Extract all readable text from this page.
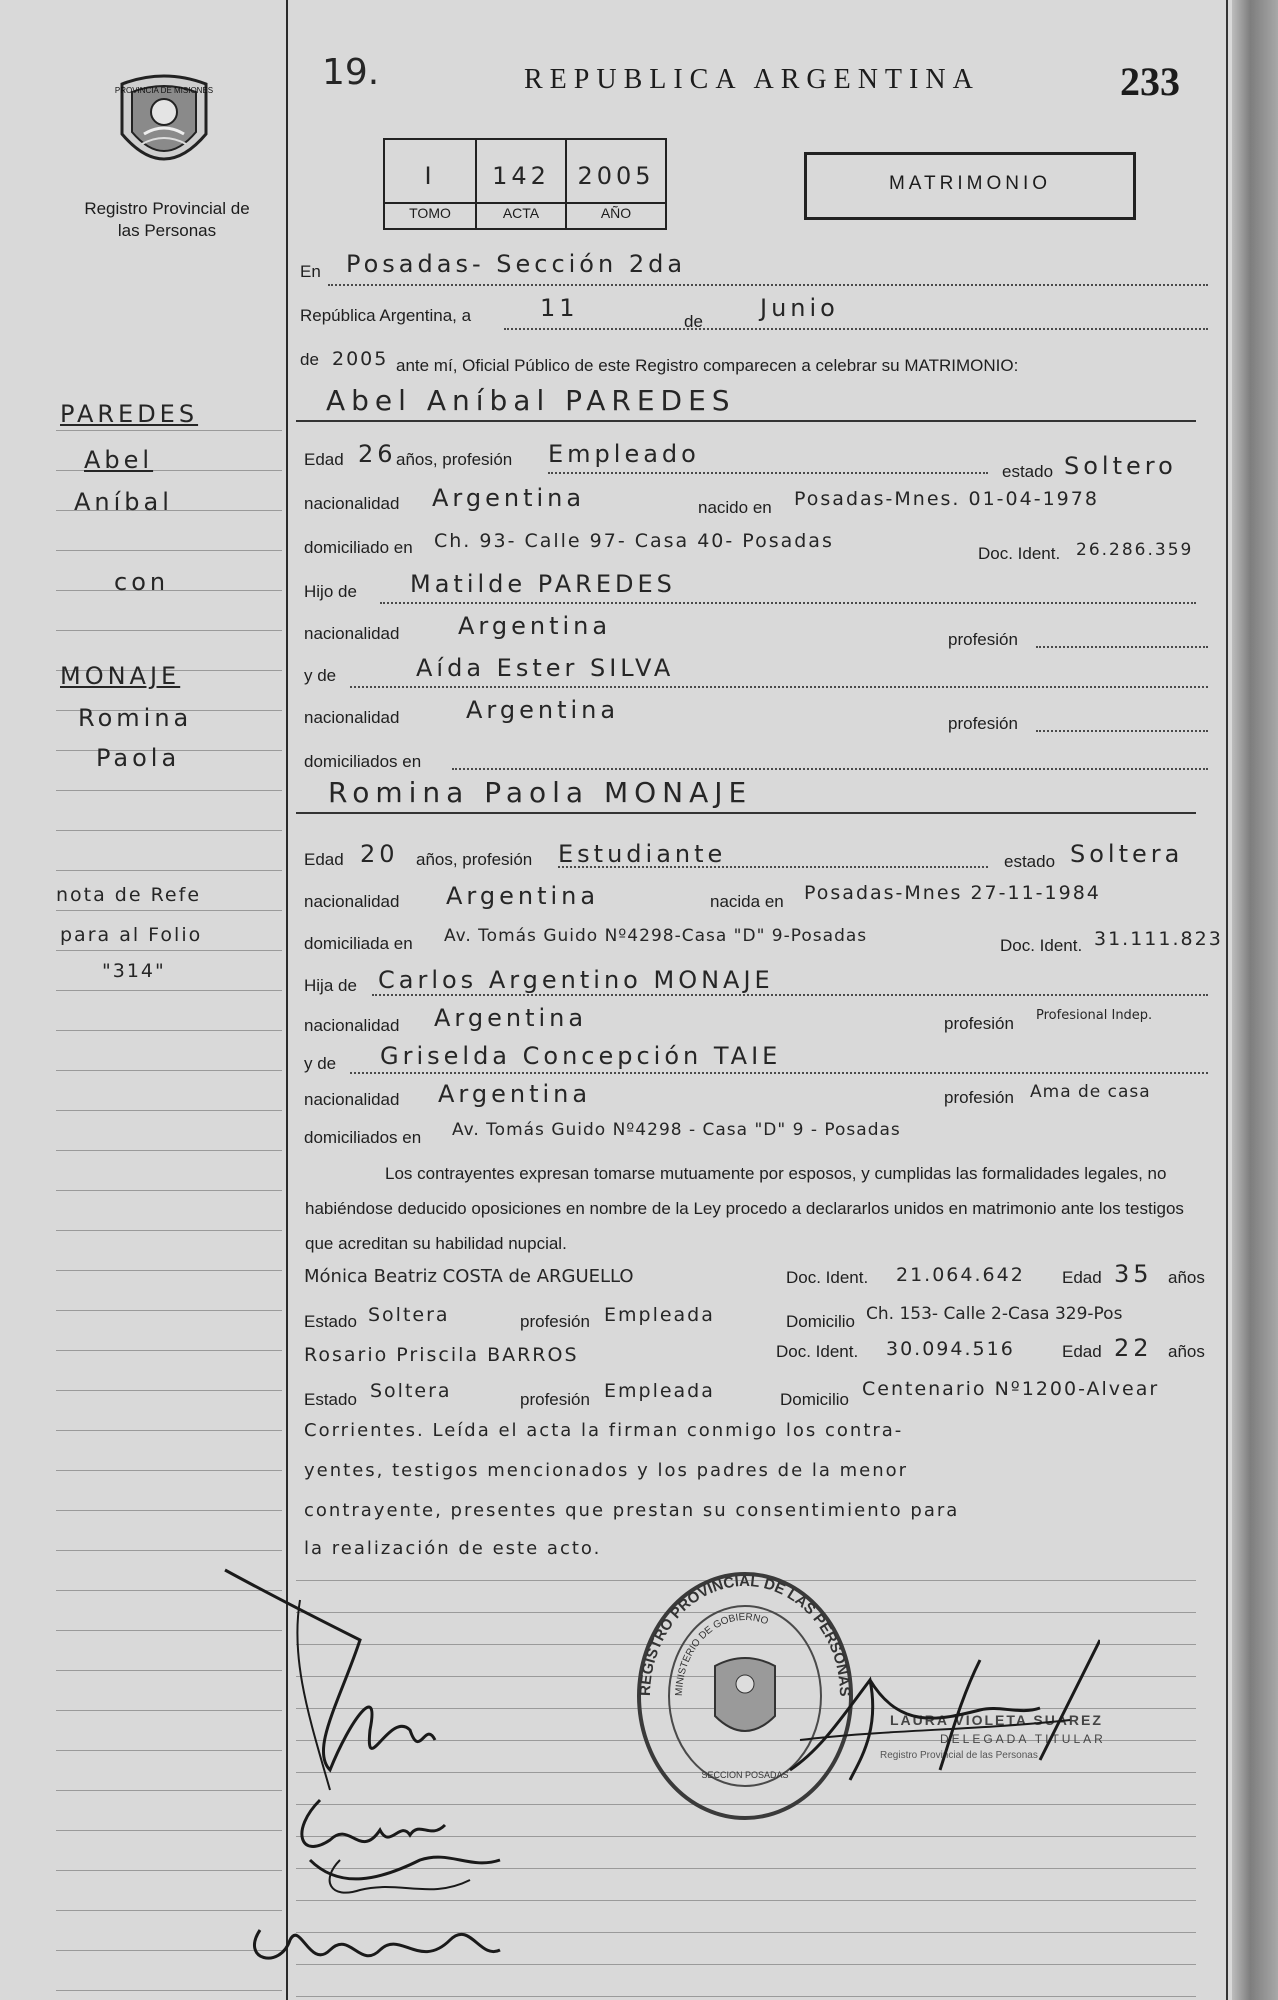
PROVINCIA DE MISIONES
Registro Provincial de las Personas
19.	REPUBLICA ARGENTINA	233
I	142	2005
TOMO	ACTA	AÑO
MATRIMONIO
PAREDES
Abel
Aníbal
con
MONAJE
Romina
Paola
nota de Refe
para al Folio
"314"
En Posadas- Sección 2da
República Argentina, a	11	de Junio
de 2005 ante mí, Oficial Público de este Registro comparecen a celebrar su MATRIMONIO:
Abel Aníbal PAREDES
Edad 26 años, profesión Empleado
estado Soltero
nacionalidad Argentina	nacido en Posadas-Mnes. 01-04-1978
domiciliado en Ch. 93- Calle 97- Casa 40- Posadas
Doc. Ident. 26.286.359
Hijo de Matilde PAREDES
nacionalidad Argentina	profesión
y de	Aída Ester SILVA
nacionalidad	Argentina	profesión
domiciliados en
Romina Paola MONAJE
Edad 20 años, profesión Estudiante	estado Soltera
nacionalidad Argentina	nacida en Posadas-Mnes 27-11-1984
domiciliada en Av. Tomás Guido Nº4298-Casa "D" 9-Posadas	Doc. Ident. 31.111.823
Hija de Carlos Argentino MONAJE
nacionalidad Argentina	profesión Profesional Indep.
y de Griselda Concepción TAIE
nacionalidad Argentina	profesión Ama de casa
domiciliados en Av. Tomás Guido Nº4298 - Casa "D" 9 - Posadas
Los contrayentes expresan tomarse mutuamente por esposos, y cumplidas las formalidades legales, no habiéndose deducido oposiciones en nombre de la Ley procedo a declararlos unidos en matrimonio ante los testigos que acreditan su habilidad nupcial.
Mónica Beatriz COSTA de ARGUELLO	Doc. Ident. 21.064.642 Edad 35 años
Estado Soltera	profesión Empleada	Domicilio Ch. 153- Calle 2-Casa 329-Pos
Rosario Priscila BARROS	Doc. Ident. 30.094.516	Edad 22 años
Estado Soltera	profesión Empleada	Domicilio Centenario Nº1200-Alvear
Corrientes. Leída el acta la firman conmigo los contra-
yentes, testigos mencionados y los padres de la menor
contrayente, presentes que prestan su consentimiento para
la realización de este acto.
REGISTRO PROVINCIAL DE LAS PERSONAS
MINISTERIO DE GOBIERNO
SECCION POSADAS
LAURA VIOLETA SUAREZ
DELEGADA TITULAR
Registro Provincial de las Personas
